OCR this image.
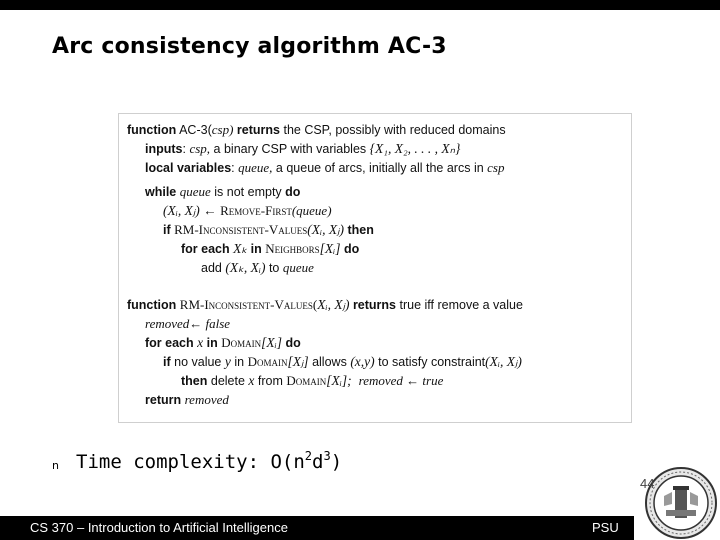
Arc consistency algorithm AC-3
function AC-3(csp) returns the CSP, possibly with reduced domains
inputs: csp, a binary CSP with variables {X₁, X₂, . . . , Xₙ}
local variables: queue, a queue of arcs, initially all the arcs in csp
while queue is not empty do
(Xᵢ, Xⱼ) ← Remove-First(queue)
if RM-Inconsistent-Values(Xᵢ, Xⱼ) then
for each Xₖ in Neighbors[Xᵢ] do
add (Xₖ, Xᵢ) to queue
function RM-Inconsistent-Values(Xᵢ, Xⱼ) returns true iff remove a value
removed← false
for each x in Domain[Xᵢ] do
if no value y in Domain[Xⱼ] allows (x,y) to satisfy constraint(Xᵢ, Xⱼ)
then delete x from Domain[Xᵢ]; removed ← true
return removed
n Time complexity: $O(n^2d^3)$
CS 370 – Introduction to Artificial Intelligence	PSU
44
